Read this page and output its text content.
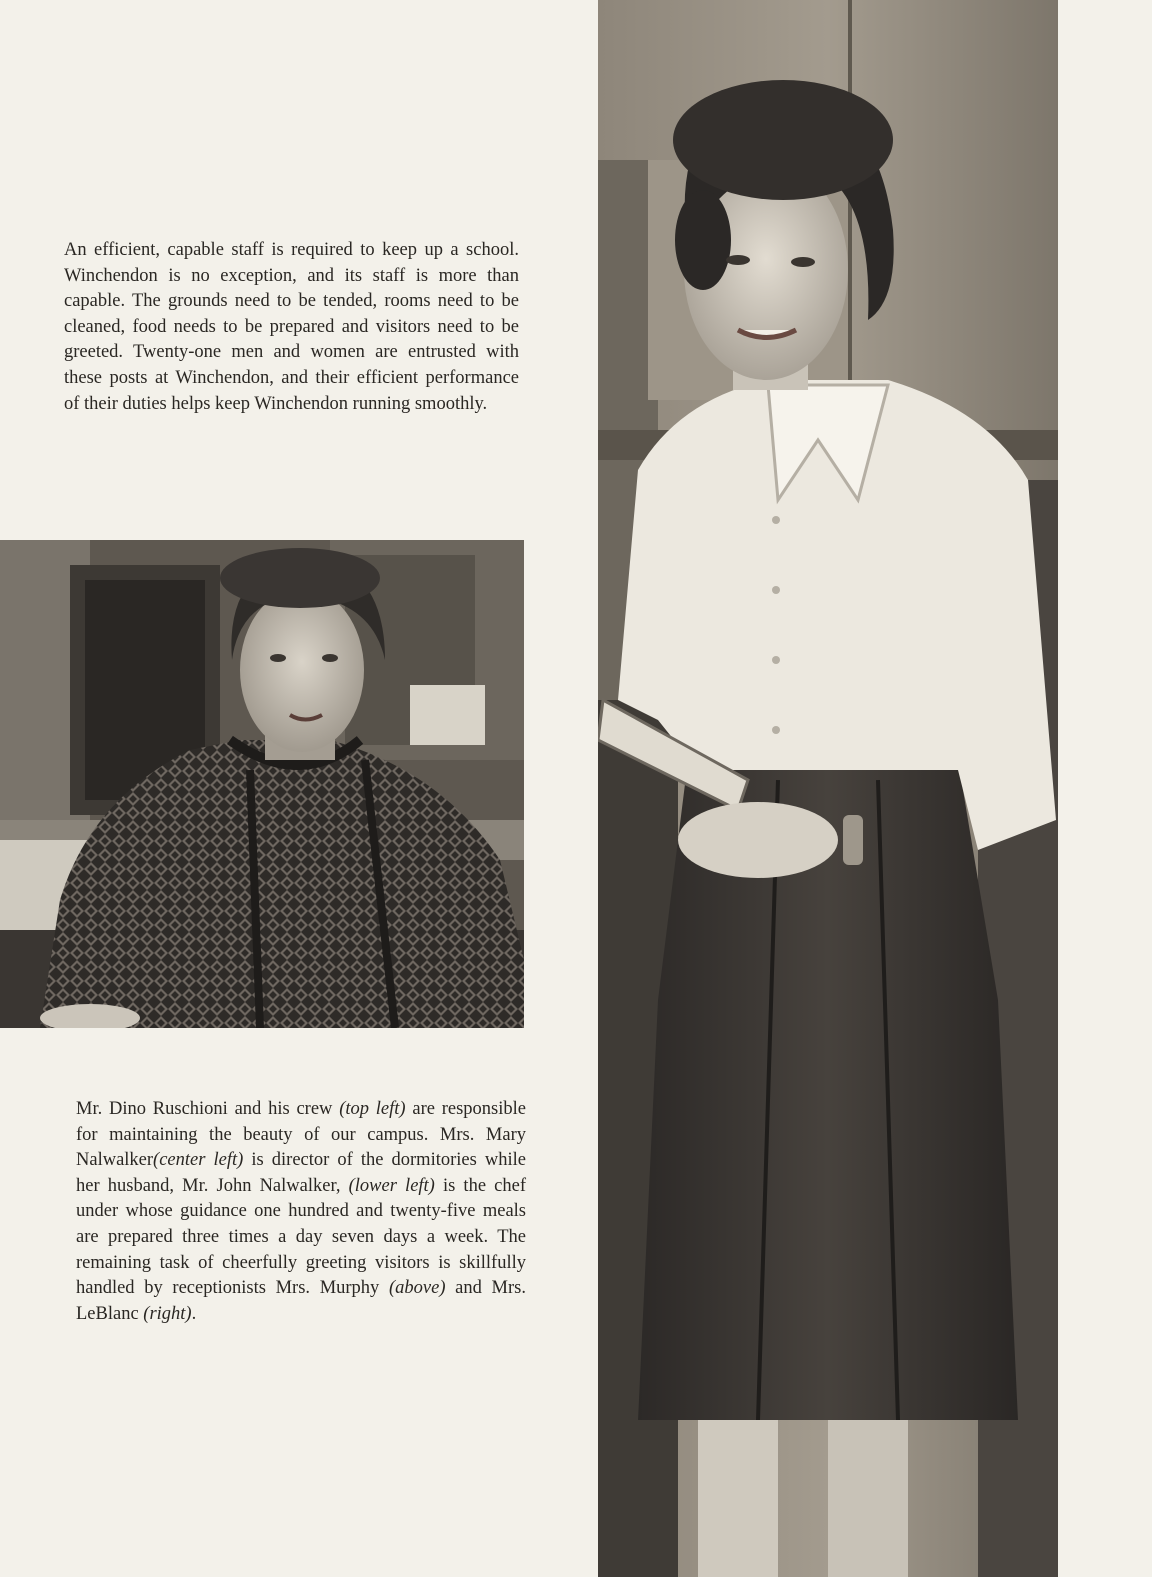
An efficient, capable staff is required to keep up a school. Winchendon is no exception, and its staff is more than capable. The grounds need to be tended, rooms need to be cleaned, food needs to be prepared and visitors need to be greeted. Twenty-one men and women are entrusted with these posts at Winchendon, and their efficient performance of their duties helps keep Winchendon running smoothly.

Mr. Dino Ruschioni and his crew (top left) are responsible for maintaining the beauty of our campus. Mrs. Mary Nalwalker(center left) is director of the dormitories while her husband, Mr. John Nalwalker, (lower left) is the chef under whose guidance one hundred and twenty-five meals are prepared three times a day seven days a week. The remaining task of cheerfully greeting visitors is skillfully handled by receptionists Mrs. Murphy (above) and Mrs. LeBlanc (right).
